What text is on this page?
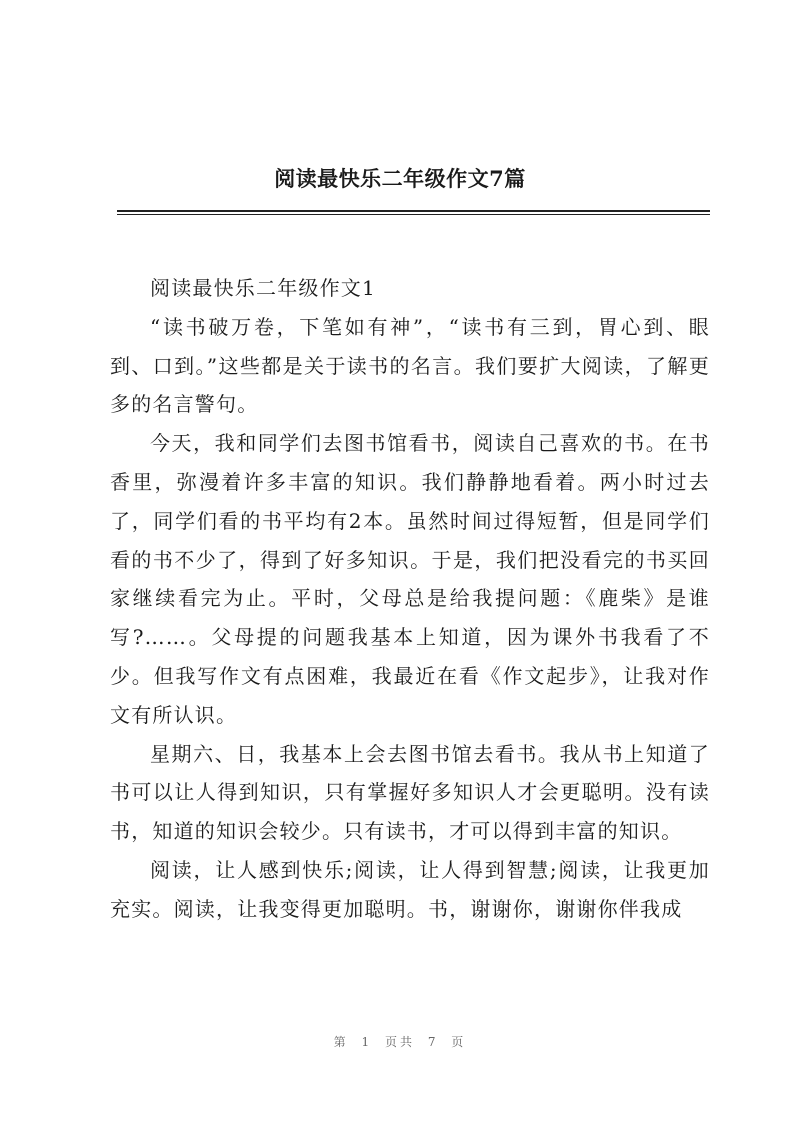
阅读最快乐二年级作文7篇

阅读最快乐二年级作文1

“读书破万卷，下笔如有神”，“读书有三到，胃心到、眼到、口到。”这些都是关于读书的名言。我们要扩大阅读，了解更多的名言警句。

今天，我和同学们去图书馆看书，阅读自己喜欢的书。在书香里，弥漫着许多丰富的知识。我们静静地看着。两小时过去了，同学们看的书平均有2本。虽然时间过得短暂，但是同学们看的书不少了，得到了好多知识。于是，我们把没看完的书买回家继续看完为止。平时，父母总是给我提问题：《鹿柴》是谁写?……。父母提的问题我基本上知道，因为课外书我看了不少。但我写作文有点困难，我最近在看《作文起步》，让我对作文有所认识。

星期六、日，我基本上会去图书馆去看书。我从书上知道了书可以让人得到知识，只有掌握好多知识人才会更聪明。没有读书，知道的知识会较少。只有读书，才可以得到丰富的知识。

阅读，让人感到快乐;阅读，让人得到智慧;阅读，让我更加充实。阅读，让我变得更加聪明。书，谢谢你，谢谢你伴我成

第 1 页共 7 页
